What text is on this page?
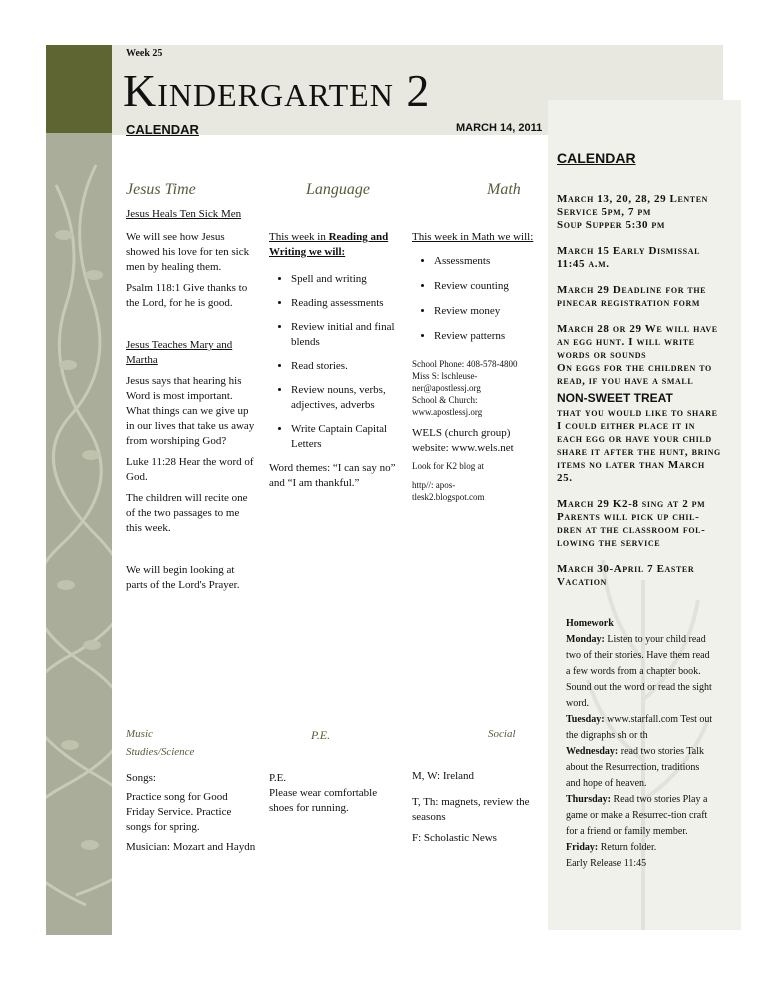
Week 25
Kindergarten 2
CALENDAR	MARCH 14, 2011
Jesus Time	Language	Math
Jesus Heals Ten Sick Men
We will see how Jesus showed his love for ten sick men by healing them.
Psalm 118:1 Give thanks to the Lord, for he is good.
Jesus Teaches Mary and Martha
Jesus says that hearing his Word is most important. What things can we give up in our lives that take us away from worshiping God?
Luke 11:28 Hear the word of God.
The children will recite one of the two passages to me this week.
We will begin looking at parts of the Lord's Prayer.
This week in Reading and Writing we will:
• Spell and writing
• Reading assessments
• Review initial and final blends
• Read stories.
• Review nouns, verbs, adjectives, adverbs
• Write Captain Capital Letters
Word themes: “I can say no” and “I am thankful.”
This week in Math we will:
• Assessments
• Review counting
• Review money
• Review patterns
School Phone: 408-578-4800
Miss S: lschleuse-ner@apostlessj.org
School & Church:
www.apostlessj.org
WELS (church group) website: www.wels.net
Look for K2 blog at
http//: apos-tlesk2.blogspot.com
CALENDAR
March 13, 20, 28, 29 Lenten Service 5pm, 7 pm
Soup Supper 5:30 pm
March 15 Early Dismissal 11:45 a.m.
March 29 Deadline for the pinecar registration form
March 28 or 29 We will have an egg hunt. I will write words or sounds
On eggs for the children to read, if you have a small
NON-SWEET TREAT
that you would like to share I could either place it in each egg or have your child share it after the hunt, bring items no later than March 25.
March 29 K2-8 sing at 2 pm
Parents will pick up chil-dren at the classroom fol-lowing the service
March 30-April 7 Easter Vacation
Homework
Monday: Listen to your child read two of their stories. Have them read a few words from a chapter book. Sound out the word or read the sight word.
Tuesday: www.starfall.com Test out the digraphs sh or th
Wednesday: read two stories Talk about the Resurrection, traditions and hope of heaven.
Thursday: Read two stories Play a game or make a Resurrec-tion craft for a friend or family member.
Friday: Return folder.
Early Release 11:45
Music
Studies/Science
P.E.	Social
Songs:
Practice song for Good Friday Service. Practice songs for spring.
Musician: Mozart and Haydn
P.E.
Please wear comfortable shoes for running.
M, W: Ireland
T, Th: magnets, review the seasons
F: Scholastic News
